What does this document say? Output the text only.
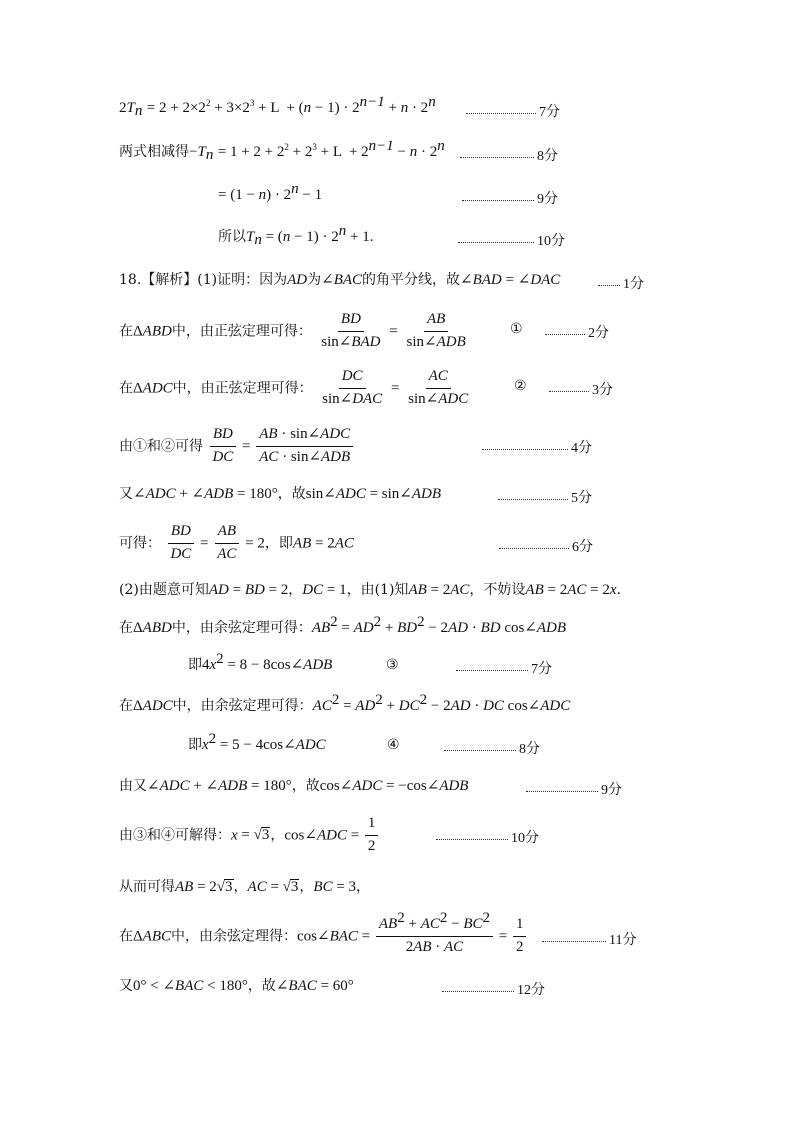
$2T_n = 2 + 2\times 2^2 + 3\times 2^3 + L + (n - 1) \cdot 2^{n-1} + n \cdot 2^n$
7分
两式相减得$-T_n = 1 + 2 + 2^2 + 2^3 + L + 2^{n-1} - n \cdot 2^n$
8分
= $(1 - n) \cdot 2^n - 1$	9分
所以$T_n = (n - 1) \cdot 2^n + 1$.	10分
18.【解析】(1)证明：因为AD为∠BAC的角平分线，故∠BAD = ∠DAC	1分
在ΔABD中，由正弦定理可得： $\frac{BD}{\text{sin∠BAD}} = \frac{AB}{\text{sin∠ADB}}$	①	2分
在ΔADC中，由正弦定理可得： $\frac{DC}{\text{sin∠DAC}} = \frac{AC}{\text{sin∠ADC}}$	②	3分
由①和②可得 $\frac{BD}{DC} = \frac{\text{AB · sin∠ADC}}{\text{AC · sin∠ADB}}$	4分
又∠ADC + ∠ADB = 180°，故sin∠ADC = sin∠ADB	5分
可得： $\frac{BD}{DC} = \frac{AB}{AC} = 2$，即AB = 2AC	6分
(2)由题意可知AD = BD = 2，DC = 1，由(1)知AB = 2AC，不妨设AB = 2AC = 2x.
在ΔABD中，由余弦定理可得：$AB^2 = AD^2 + BD^2 - 2AD$ · BD cos∠ADB
即$4x^2 = 8$ − 8cos∠ADB	③	7分
在ΔADC中，由余弦定理可得：$AC^2 = AD^2 + DC^2 - 2AD$ · DC cos∠ADC
即$x^2 = 5$ − 4cos∠ADC	④	8分
由又∠ADC + ∠ADB = 180°，故cos∠ADC = −cos∠ADB	9分
由③和④可解得：x = √3，cos∠ADC = $\frac{1}{2}$	10分
从而可得AB = 2√3，AC = √3，BC = 3，
在ΔABC中，由余弦定理得：cos∠BAC = $\frac{AB^2 + AC^2 - BC^2}{2AB \cdot AC} = \frac{1}{2}$	11分
又0° < ∠BAC < 180°，故∠BAC = 60°	12分
